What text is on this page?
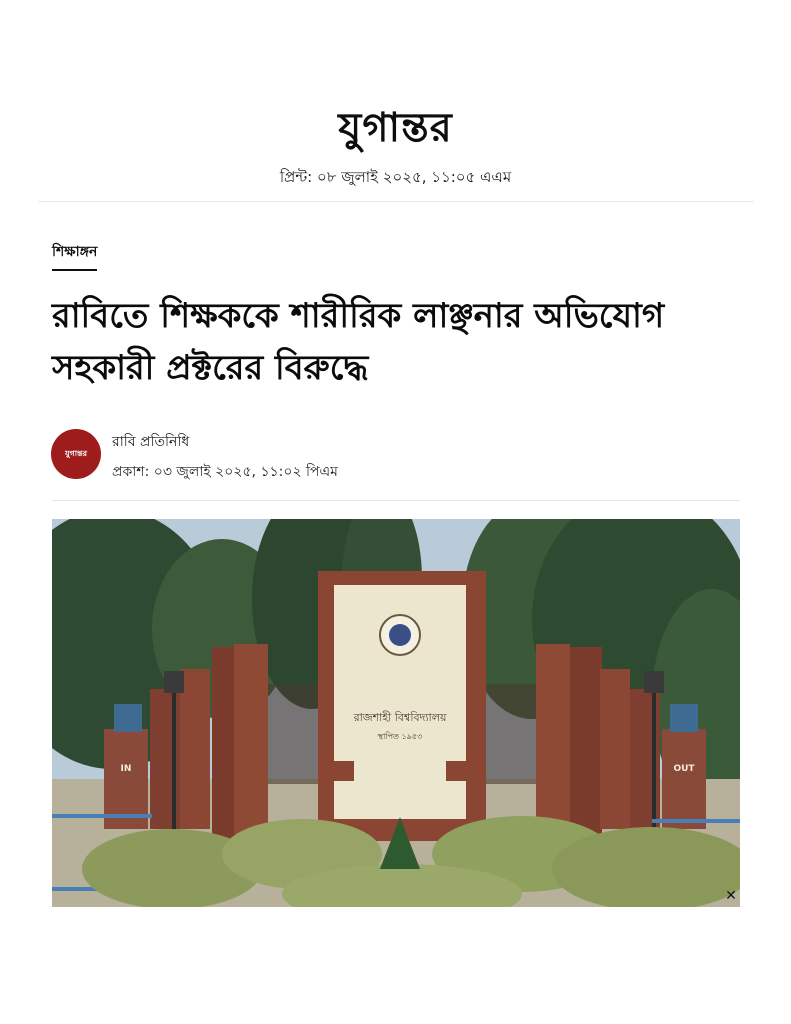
যুগান্তর
প্রিন্ট: ০৮ জুলাই ২০২৫, ১১:০৫ এএম
শিক্ষাঙ্গন
রাবিতে শিক্ষককে শারীরিক লাঞ্ছনার অভিযোগ সহকারী প্রক্টরের বিরুদ্ধে
যুগান্তর
রাবি প্রতিনিধি
প্রকাশ: ০৩ জুলাই ২০২৫, ১১:০২ পিএম
রাজশাহী বিশ্ববিদ্যালয়
স্থাপিত ১৯৫৩
IN	OUT
✕
